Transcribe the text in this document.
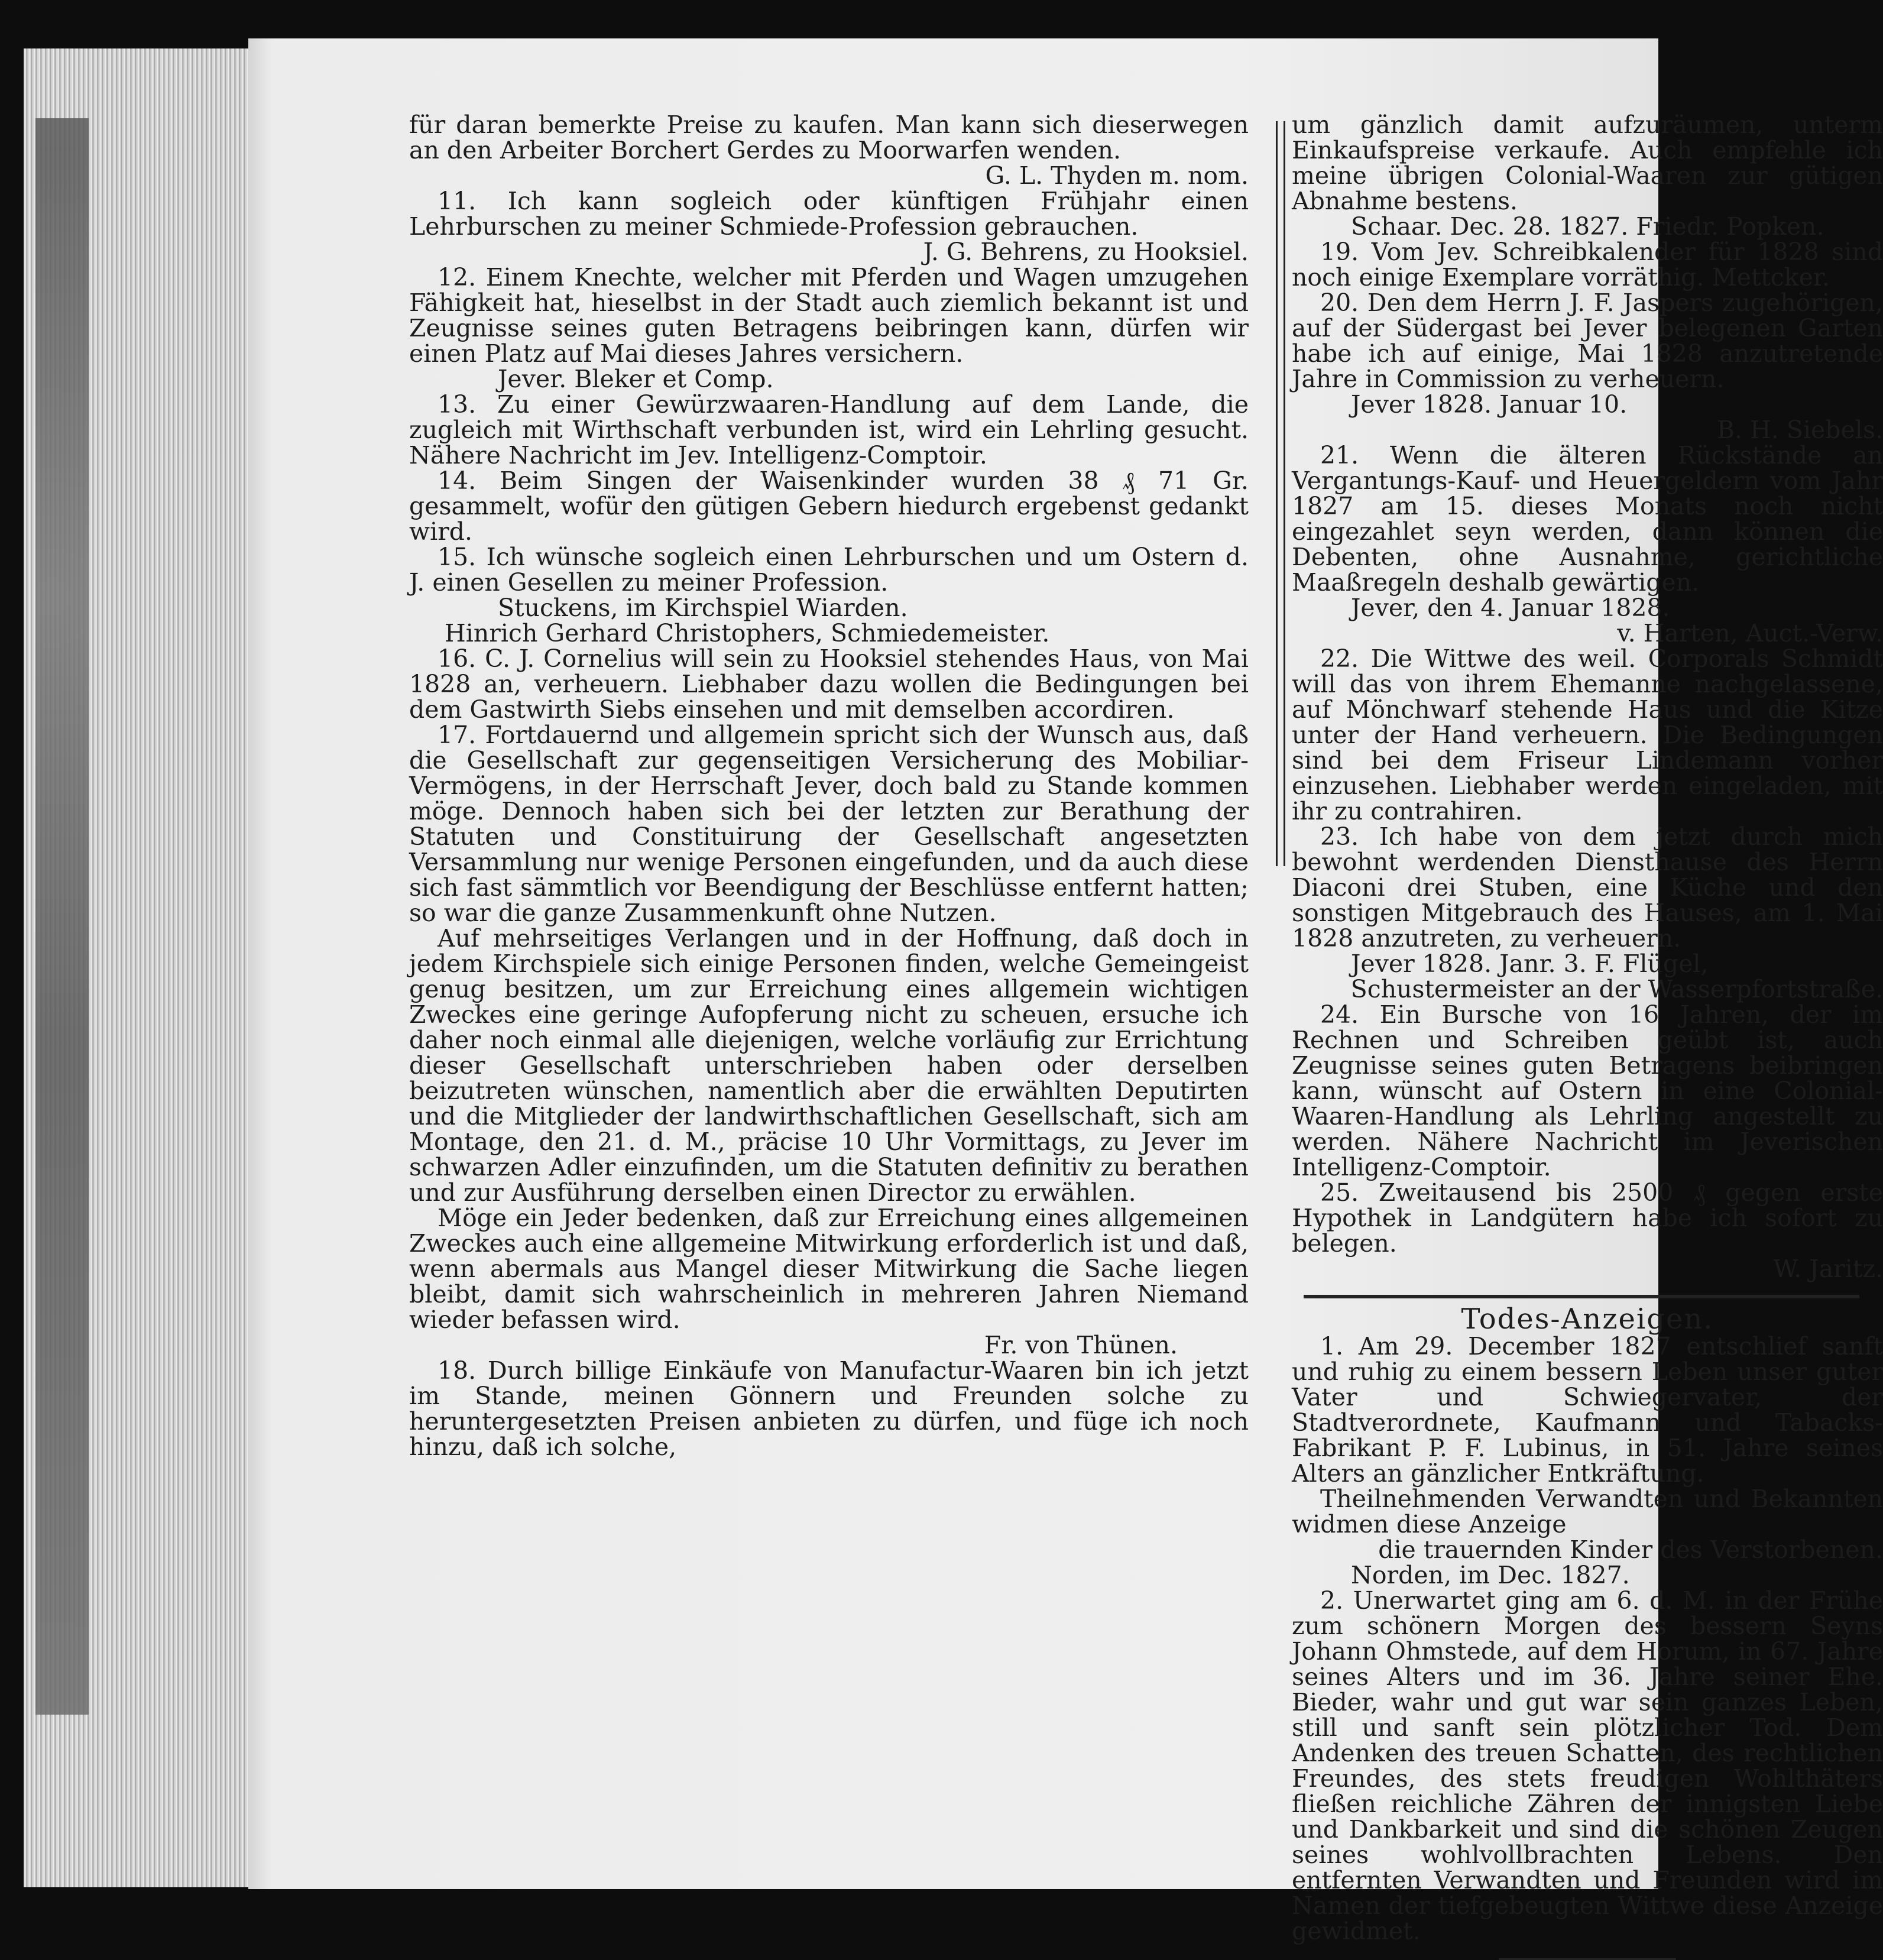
für daran bemerkte Preise zu kaufen. Man kann sich dieserwegen an den Arbeiter Borchert Gerdes zu Moorwarfen wenden.

G. L. Thyden m. nom.

11. Ich kann sogleich oder künftigen Frühjahr einen Lehrburschen zu meiner Schmiede-Profession gebrauchen.

J. G. Behrens, zu Hooksiel.

12. Einem Knechte, welcher mit Pferden und Wagen umzugehen Fähigkeit hat, hieselbst in der Stadt auch ziemlich bekannt ist und Zeugnisse seines guten Betragens beibringen kann, dürfen wir einen Platz auf Mai dieses Jahres versichern.

Jever. Bleker et Comp.

13. Zu einer Gewürzwaaren-Handlung auf dem Lande, die zugleich mit Wirthschaft verbunden ist, wird ein Lehrling gesucht. Nähere Nachricht im Jev. Intelligenz-Comptoir.

14. Beim Singen der Waisenkinder wurden 38 ₰ 71 Gr. gesammelt, wofür den gütigen Gebern hiedurch ergebenst gedankt wird.

15. Ich wünsche sogleich einen Lehrburschen und um Ostern d. J. einen Gesellen zu meiner Profession.

Stuckens, im Kirchspiel Wiarden.

Hinrich Gerhard Christophers, Schmiedemeister.

16. C. J. Cornelius will sein zu Hooksiel stehendes Haus, von Mai 1828 an, verheuern. Liebhaber dazu wollen die Bedingungen bei dem Gastwirth Siebs einsehen und mit demselben accordiren.

17. Fortdauernd und allgemein spricht sich der Wunsch aus, daß die Gesellschaft zur gegenseitigen Versicherung des Mobiliar-Vermögens, in der Herrschaft Jever, doch bald zu Stande kommen möge. Dennoch haben sich bei der letzten zur Berathung der Statuten und Constituirung der Gesellschaft angesetzten Versammlung nur wenige Personen eingefunden, und da auch diese sich fast sämmtlich vor Beendigung der Beschlüsse entfernt hatten; so war die ganze Zusammenkunft ohne Nutzen.

Auf mehrseitiges Verlangen und in der Hoffnung, daß doch in jedem Kirchspiele sich einige Personen finden, welche Gemeingeist genug besitzen, um zur Erreichung eines allgemein wichtigen Zweckes eine geringe Aufopferung nicht zu scheuen, ersuche ich daher noch einmal alle diejenigen, welche vorläufig zur Errichtung dieser Gesellschaft unterschrieben haben oder derselben beizutreten wünschen, namentlich aber die erwählten Deputirten und die Mitglieder der landwirthschaftlichen Gesellschaft, sich am Montage, den 21. d. M., präcise 10 Uhr Vormittags, zu Jever im schwarzen Adler einzufinden, um die Statuten definitiv zu berathen und zur Ausführung derselben einen Director zu erwählen.

Möge ein Jeder bedenken, daß zur Erreichung eines allgemeinen Zweckes auch eine allgemeine Mitwirkung erforderlich ist und daß, wenn abermals aus Mangel dieser Mitwirkung die Sache liegen bleibt, damit sich wahrscheinlich in mehreren Jahren Niemand wieder befassen wird.

Fr. von Thünen.

18. Durch billige Einkäufe von Manufactur-Waaren bin ich jetzt im Stande, meinen Gönnern und Freunden solche zu heruntergesetzten Preisen anbieten zu dürfen, und füge ich noch hinzu, daß ich solche,

um gänzlich damit aufzuräumen, unterm Einkaufspreise verkaufe. Auch empfehle ich meine übrigen Colonial-Waaren zur gütigen Abnahme bestens.

Schaar. Dec. 28. 1827. Friedr. Popken.

19. Vom Jev. Schreibkalender für 1828 sind noch einige Exemplare vorräthig. Mettcker.

20. Den dem Herrn J. F. Jaspers zugehörigen, auf der Südergast bei Jever belegenen Garten habe ich auf einige, Mai 1828 anzutretende Jahre in Commission zu verheuern.

Jever 1828. Januar 10.

B. H. Siebels.

21. Wenn die älteren Rückstände an Vergantungs-Kauf- und Heuergeldern vom Jahr 1827 am 15. dieses Monats noch nicht eingezahlet seyn werden, dann können die Debenten, ohne Ausnahme, gerichtliche Maaßregeln deshalb gewärtigen.

Jever, den 4. Januar 1828.

v. Harten, Auct.-Verw.

22. Die Wittwe des weil. Corporals Schmidt will das von ihrem Ehemanne nachgelassene, auf Mönchwarf stehende Haus und die Kitze unter der Hand verheuern. Die Bedingungen sind bei dem Friseur Lindemann vorher einzusehen. Liebhaber werden eingeladen, mit ihr zu contrahiren.

23. Ich habe von dem jetzt durch mich bewohnt werdenden Diensthause des Herrn Diaconi drei Stuben, eine Küche und den sonstigen Mitgebrauch des Hauses, am 1. Mai 1828 anzutreten, zu verheuern.

Jever 1828. Janr. 3. F. Flügel,

Schustermeister an der Wasserpfortstraße.

24. Ein Bursche von 16 Jahren, der im Rechnen und Schreiben geübt ist, auch Zeugnisse seines guten Betragens beibringen kann, wünscht auf Ostern in eine Colonial-Waaren-Handlung als Lehrling angestellt zu werden. Nähere Nachricht im Jeverischen Intelligenz-Comptoir.

25. Zweitausend bis 2500 ₰ gegen erste Hypothek in Landgütern habe ich sofort zu belegen.

W. Jaritz.

Todes-Anzeigen.

1. Am 29. December 1827 entschlief sanft und ruhig zu einem bessern Leben unser guter Vater und Schwiegervater, der Stadtverordnete, Kaufmann und Tabacks-Fabrikant P. F. Lubinus, in 51. Jahre seines Alters an gänzlicher Entkräftung.

Theilnehmenden Verwandten und Bekannten widmen diese Anzeige

die trauernden Kinder des Verstorbenen.

Norden, im Dec. 1827.

2. Unerwartet ging am 6. d. M. in der Frühe zum schönern Morgen des bessern Seyns Johann Ohmstede, auf dem Horum, in 67. Jahre seines Alters und im 36. Jahre seiner Ehe. Bieder, wahr und gut war sein ganzes Leben, still und sanft sein plötzlicher Tod. Dem Andenken des treuen Schatten, des rechtlichen Freundes, des stets freudigen Wohlthäters fließen reichliche Zähren der innigsten Liebe und Dankbarkeit und sind die schönen Zeugen seines wohlvollbrachten Lebens. Den entfernten Verwandten und Freunden wird im Namen der tiefgebeugten Wittwe diese Anzeige gewidmet.
